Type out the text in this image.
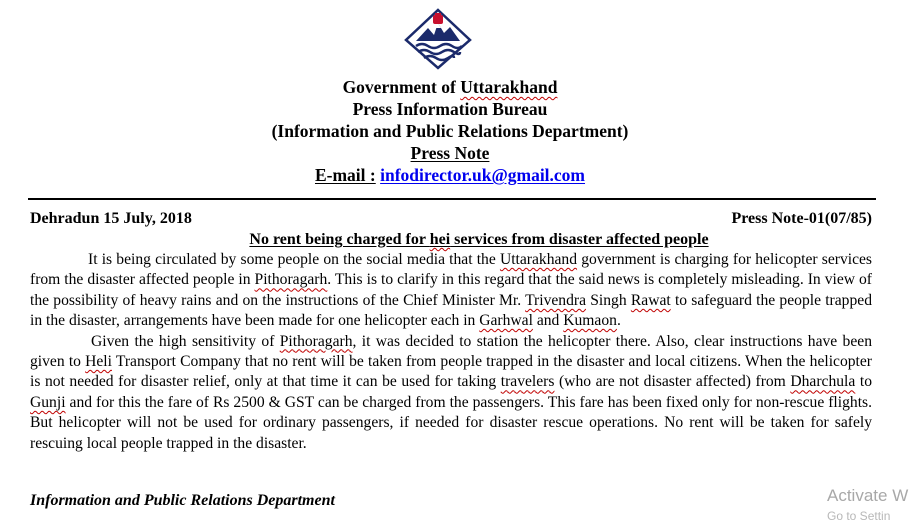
Government of Uttarakhand
Press Information Bureau
(Information and Public Relations Department)
Press Note
E-mail : infodirector.uk@gmail.com
Dehradun 15 July, 2018	Press Note-01(07/85)
No rent being charged for hei services from disaster affected people

It is being circulated by some people on the social media that the Uttarakhand government is charging for helicopter services from the disaster affected people in Pithoragarh. This is to clarify in this regard that the said news is completely misleading. In view of the possibility of heavy rains and on the instructions of the Chief Minister Mr. Trivendra Singh Rawat to safeguard the people trapped in the disaster, arrangements have been made for one helicopter each in Garhwal and Kumaon.

Given the high sensitivity of Pithoragarh, it was decided to station the helicopter there. Also, clear instructions have been given to Heli Transport Company that no rent will be taken from people trapped in the disaster and local citizens. When the helicopter is not needed for disaster relief, only at that time it can be used for taking travelers (who are not disaster affected) from Dharchula to Gunji and for this the fare of Rs 2500 & GST can be charged from the passengers. This fare has been fixed only for non-rescue flights. But helicopter will not be used for ordinary passengers, if needed for disaster rescue operations. No rent will be taken for safely rescuing local people trapped in the disaster.

Information and Public Relations Department	Activate W
Go to Settin
